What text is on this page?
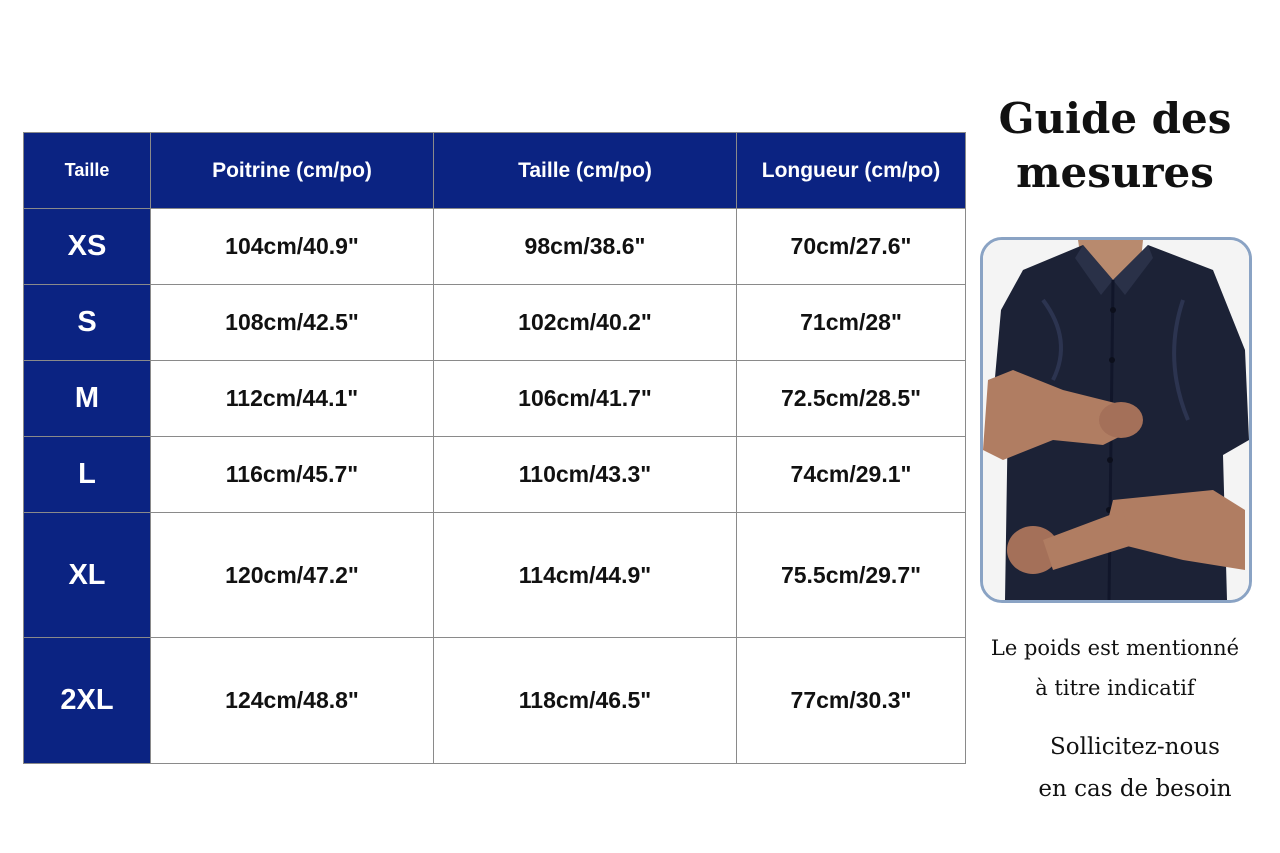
Taille	Poitrine (cm/po)	Taille (cm/po)	Longueur (cm/po)
XS	104cm/40.9"	98cm/38.6"	70cm/27.6"
S	108cm/42.5"	102cm/40.2"	71cm/28"
M	112cm/44.1"	106cm/41.7"	72.5cm/28.5"
L	116cm/45.7"	110cm/43.3"	74cm/29.1"
XL	120cm/47.2"	114cm/44.9"	75.5cm/29.7"
2XL	124cm/48.8"	118cm/46.5"	77cm/30.3"
Guide des
mesures

Le poids est mentionné
à titre indicatif

Sollicitez-nous
en cas de besoin
